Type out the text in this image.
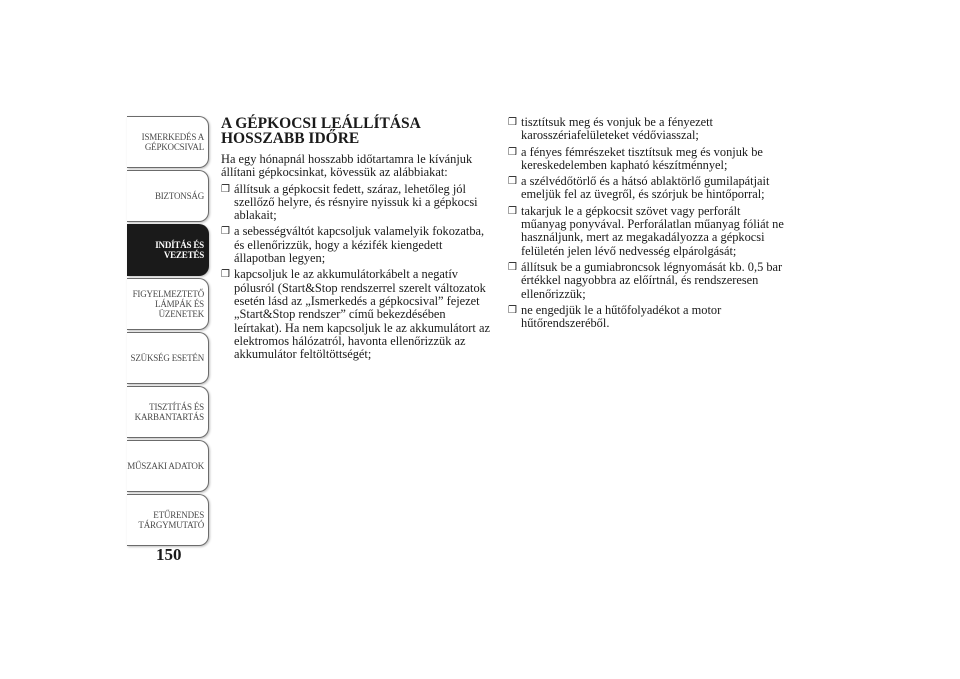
ISMERKEDÉS A
GÉPKOCSIVAL
BIZTONSÁG
INDÍTÁS ÉS
VEZETÉS
FIGYELMEZTETŐ
LÁMPÁK ÉS
ÜZENETEK
SZÜKSÉG ESETÉN
TISZTÍTÁS ÉS
KARBANTARTÁS
MŰSZAKI ADATOK
ETŰRENDES
TÁRGYMUTATÓ
150
A GÉPKOCSI LEÁLLÍTÁSA
HOSSZABB IDŐRE

Ha egy hónapnál hosszabb időtartamra le kívánjuk állítani gépkocsinkat, kövessük az alábbiakat:

❒ állítsuk a gépkocsit fedett, száraz, lehetőleg jól szellőző helyre, és résnyire nyissuk ki a gépkocsi ablakait;
❒ a sebességváltót kapcsoljuk valamelyik fokozatba, és ellenőrizzük, hogy a kézifék kiengedett állapotban legyen;
❒ kapcsoljuk le az akkumulátorkábelt a negatív pólusról (Start&Stop rendszerrel szerelt változatok esetén lásd az „Ismerkedés a gépkocsival” fejezet „Start&Stop rendszer” című bekezdésében leírtakat). Ha nem kapcsoljuk le az akkumulátort az elektromos hálózatról, havonta ellenőrizzük az akkumulátor feltöltöttségét;
❒ tisztítsuk meg és vonjuk be a fényezett karosszériafelületeket védőviasszal;
❒ a fényes fémrészeket tisztítsuk meg és vonjuk be kereskedelemben kapható készítménnyel;
❒ a szélvédőtörlő és a hátsó ablaktörlő gumilapátjait emeljük fel az üvegről, és szórjuk be hintőporral;
❒ takarjuk le a gépkocsit szövet vagy perforált műanyag ponyvával. Perforálatlan műanyag fóliát ne használjunk, mert az megakadályozza a gépkocsi felületén jelen lévő nedvesség elpárolgását;
❒ állítsuk be a gumiabroncsok légnyomását kb. 0,5 bar értékkel nagyobbra az előírtnál, és rendszeresen ellenőrizzük;
❒ ne engedjük le a hűtőfolyadékot a motor hűtőrendszeréből.
